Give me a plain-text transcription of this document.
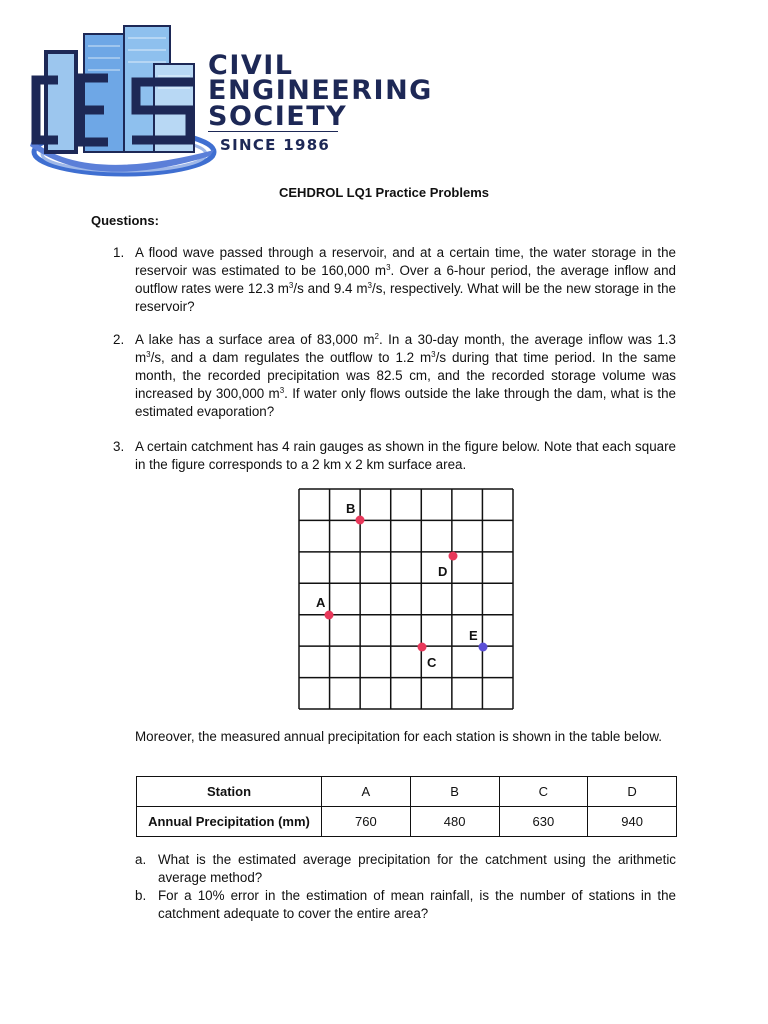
CIVIL
ENGINEERING
SOCIETY
SINCE 1986
CEHDROL LQ1 Practice Problems
Questions:
1. A flood wave passed through a reservoir, and at a certain time, the water storage in the reservoir was estimated to be 160,000 $m^3$. Over a 6-hour period, the average inflow and outflow rates were 12.3 $m^3/s$ and 9.4 $m^3/s$, respectively. What will be the new storage in the reservoir?

2. A lake has a surface area of 83,000 $m^2$. In a 30-day month, the average inflow was 1.3 $m^3/s$, and a dam regulates the outflow to 1.2 $m^3/s$ during that time period. In the same month, the recorded precipitation was 82.5 cm, and the recorded storage volume was increased by 300,000 $m^3$. If water only flows outside the lake through the dam, what is the estimated evaporation?

3. A certain catchment has 4 rain gauges as shown in the figure below. Note that each square in the figure corresponds to a 2 km x 2 km surface area.

B
D
A
E
C

Moreover, the measured annual precipitation for each station is shown in the table below.

Station	A	B	C	D
Annual Precipitation (mm)	760	480	630	940
a. What is the estimated average precipitation for the catchment using the arithmetic average method?

b. For a 10% error in the estimation of mean rainfall, is the number of stations in the catchment adequate to cover the entire area?
